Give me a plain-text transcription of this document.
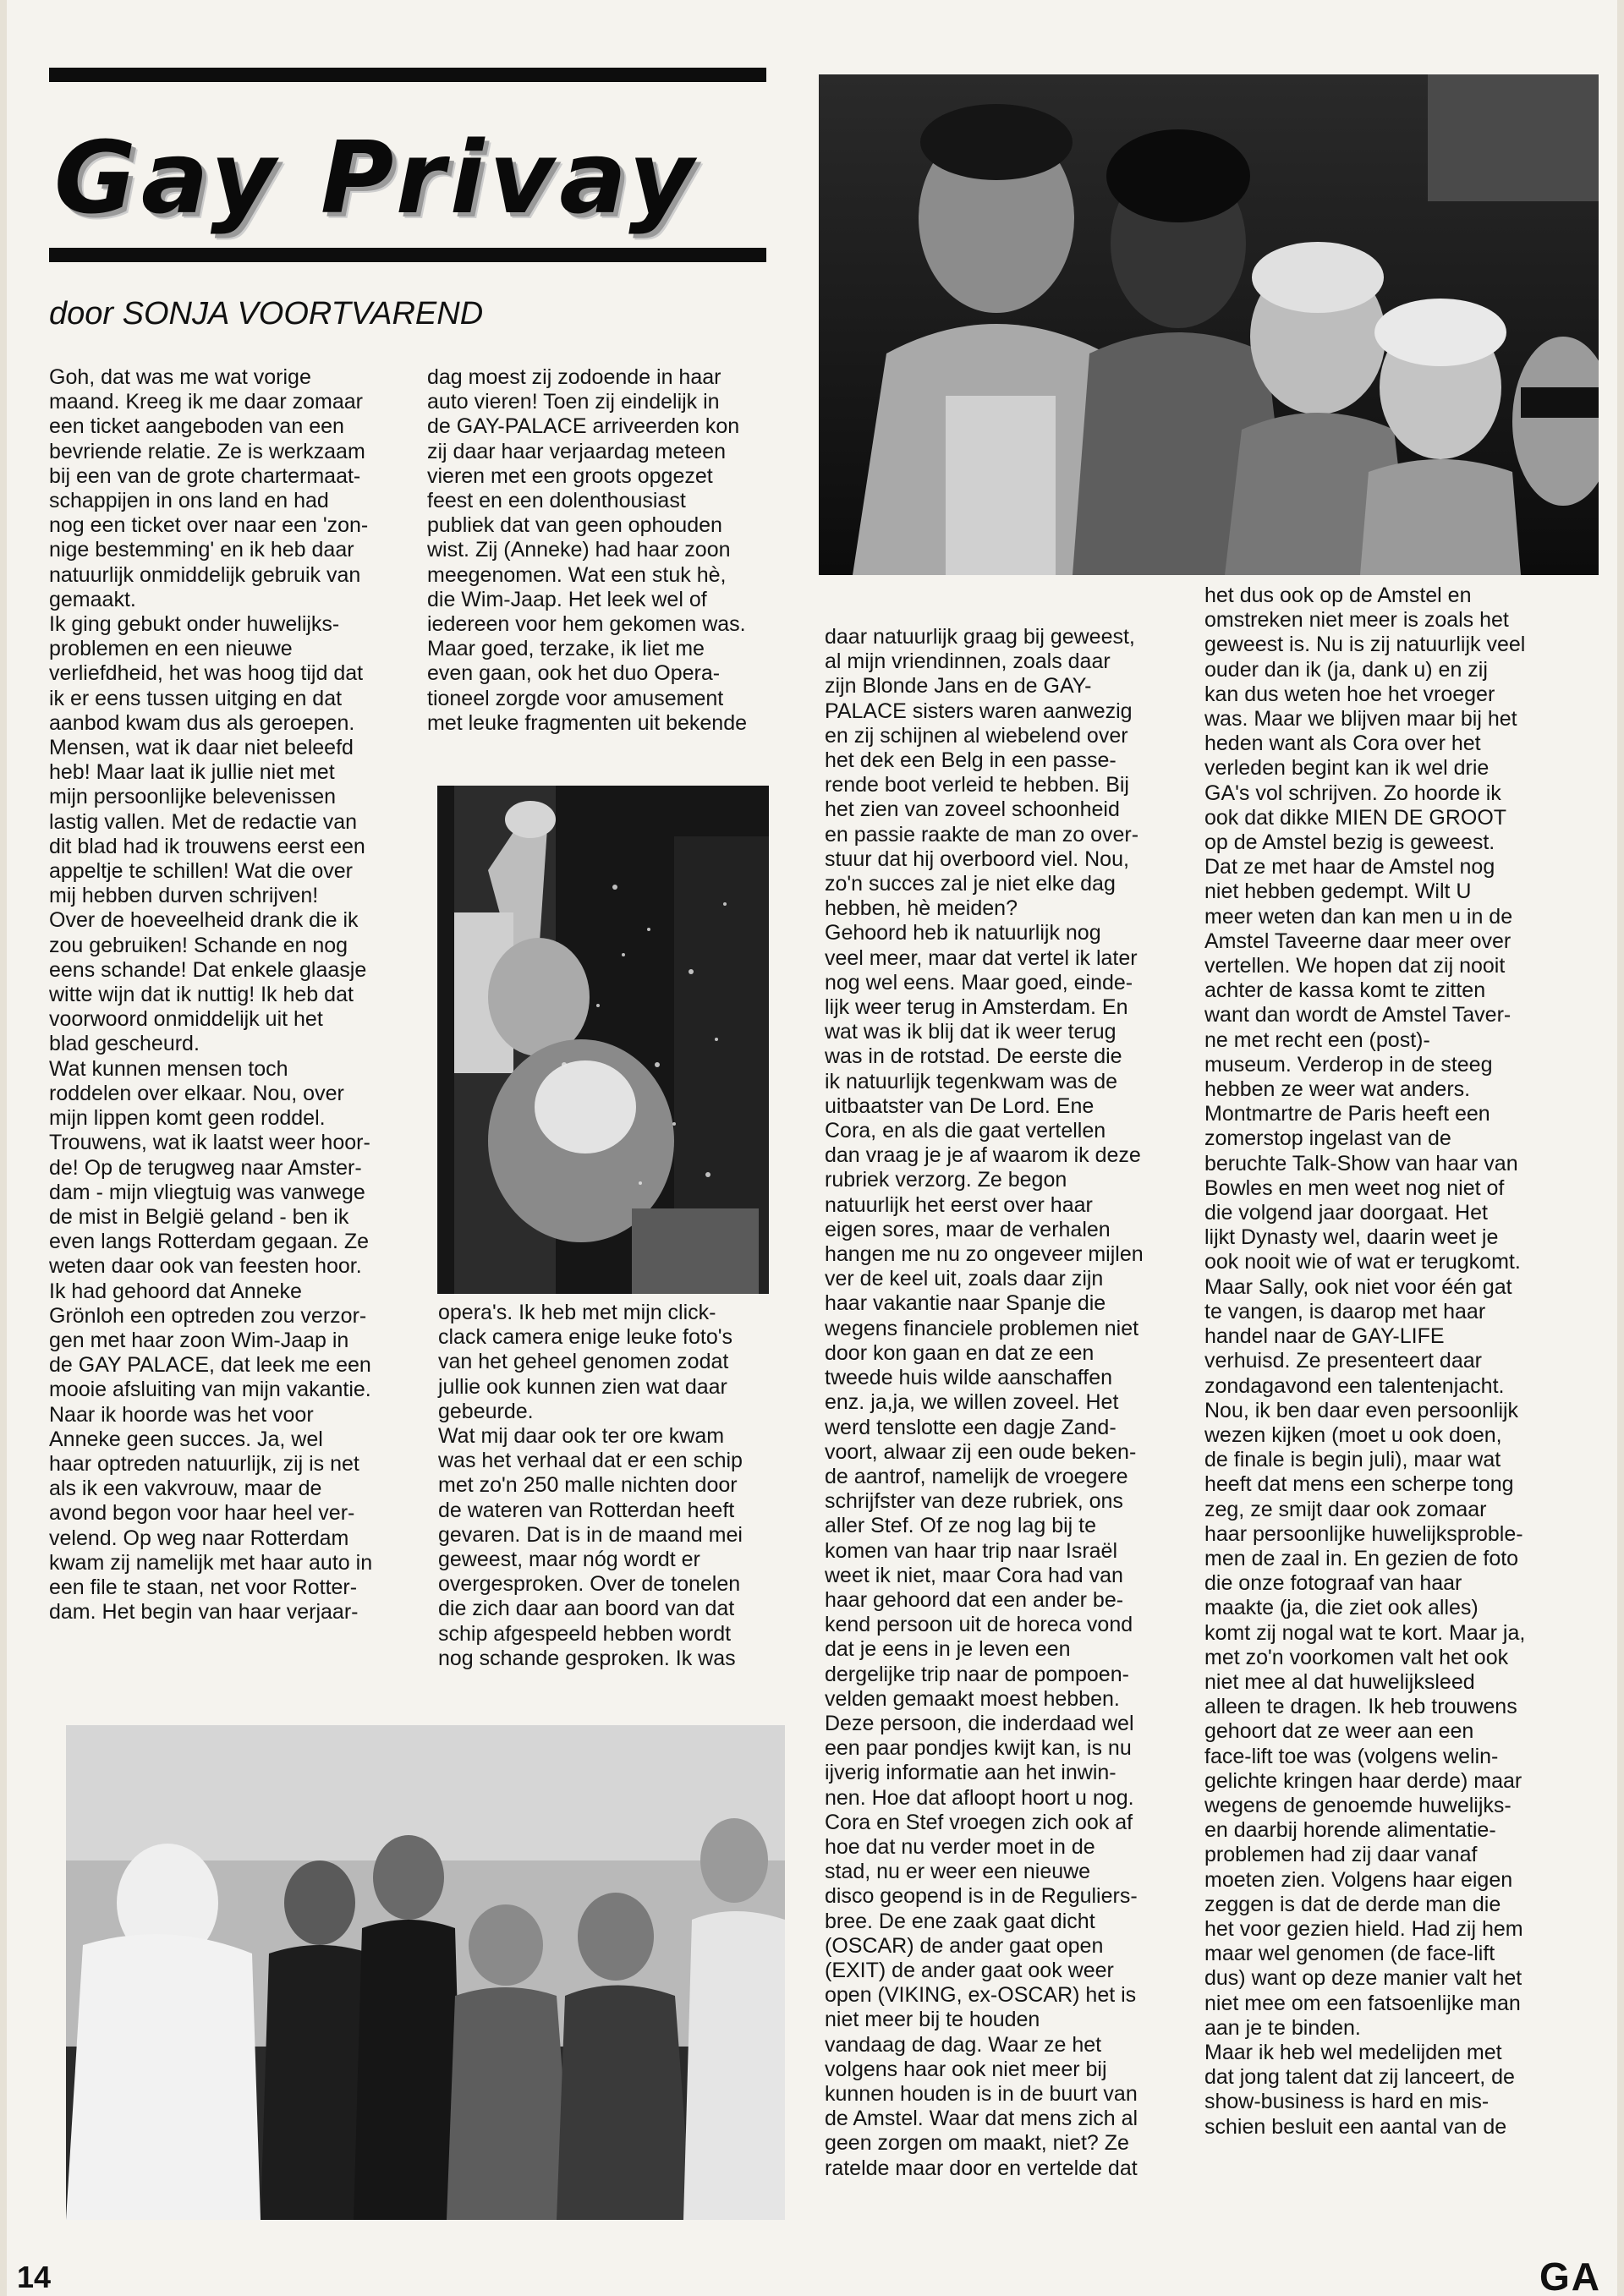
Gay Privay
door SONJA VOORTVAREND

Goh, dat was me wat vorige
maand. Kreeg ik me daar zomaar
een ticket aangeboden van een
bevriende relatie. Ze is werkzaam
bij een van de grote chartermaat-
schappijen in ons land en had
nog een ticket over naar een 'zon-
nige bestemming' en ik heb daar
natuurlijk onmiddelijk gebruik van
gemaakt.
Ik ging gebukt onder huwelijks-
problemen en een nieuwe
verliefdheid, het was hoog tijd dat
ik er eens tussen uitging en dat
aanbod kwam dus als geroepen.
Mensen, wat ik daar niet beleefd
heb! Maar laat ik jullie niet met
mijn persoonlijke belevenissen
lastig vallen. Met de redactie van
dit blad had ik trouwens eerst een
appeltje te schillen! Wat die over
mij hebben durven schrijven!
Over de hoeveelheid drank die ik
zou gebruiken! Schande en nog
eens schande! Dat enkele glaasje
witte wijn dat ik nuttig! Ik heb dat
voorwoord onmiddelijk uit het
blad gescheurd.
Wat kunnen mensen toch
roddelen over elkaar. Nou, over
mijn lippen komt geen roddel.
Trouwens, wat ik laatst weer hoor-
de! Op de terugweg naar Amster-
dam - mijn vliegtuig was vanwege
de mist in België geland - ben ik
even langs Rotterdam gegaan. Ze
weten daar ook van feesten hoor.
Ik had gehoord dat Anneke
Grönloh een optreden zou verzor-
gen met haar zoon Wim-Jaap in
de GAY PALACE, dat leek me een
mooie afsluiting van mijn vakantie.
Naar ik hoorde was het voor
Anneke geen succes. Ja, wel
haar optreden natuurlijk, zij is net
als ik een vakvrouw, maar de
avond begon voor haar heel ver-
velend. Op weg naar Rotterdam
kwam zij namelijk met haar auto in
een file te staan, net voor Rotter-
dam. Het begin van haar verjaar-

dag moest zij zodoende in haar
auto vieren! Toen zij eindelijk in
de GAY-PALACE arriveerden kon
zij daar haar verjaardag meteen
vieren met een groots opgezet
feest en een dolenthousiast
publiek dat van geen ophouden
wist. Zij (Anneke) had haar zoon
meegenomen. Wat een stuk hè,
die Wim-Jaap. Het leek wel of
iedereen voor hem gekomen was.
Maar goed, terzake, ik liet me
even gaan, ook het duo Opera-
tioneel zorgde voor amusement
met leuke fragmenten uit bekende

opera's. Ik heb met mijn click-
clack camera enige leuke foto's
van het geheel genomen zodat
jullie ook kunnen zien wat daar
gebeurde.
Wat mij daar ook ter ore kwam
was het verhaal dat er een schip
met zo'n 250 malle nichten door
de wateren van Rotterdan heeft
gevaren. Dat is in de maand mei
geweest, maar nóg wordt er
overgesproken. Over de tonelen
die zich daar aan boord van dat
schip afgespeeld hebben wordt
nog schande gesproken. Ik was

daar natuurlijk graag bij geweest,
al mijn vriendinnen, zoals daar
zijn Blonde Jans en de GAY-
PALACE sisters waren aanwezig
en zij schijnen al wiebelend over
het dek een Belg in een passe-
rende boot verleid te hebben. Bij
het zien van zoveel schoonheid
en passie raakte de man zo over-
stuur dat hij overboord viel. Nou,
zo'n succes zal je niet elke dag
hebben, hè meiden?
Gehoord heb ik natuurlijk nog
veel meer, maar dat vertel ik later
nog wel eens. Maar goed, einde-
lijk weer terug in Amsterdam. En
wat was ik blij dat ik weer terug
was in de rotstad. De eerste die
ik natuurlijk tegenkwam was de
uitbaatster van De Lord. Ene
Cora, en als die gaat vertellen
dan vraag je je af waarom ik deze
rubriek verzorg. Ze begon
natuurlijk het eerst over haar
eigen sores, maar de verhalen
hangen me nu zo ongeveer mijlen
ver de keel uit, zoals daar zijn
haar vakantie naar Spanje die
wegens financiele problemen niet
door kon gaan en dat ze een
tweede huis wilde aanschaffen
enz. ja,ja, we willen zoveel. Het
werd tenslotte een dagje Zand-
voort, alwaar zij een oude beken-
de aantrof, namelijk de vroegere
schrijfster van deze rubriek, ons
aller Stef. Of ze nog lag bij te
komen van haar trip naar Israël
weet ik niet, maar Cora had van
haar gehoord dat een ander be-
kend persoon uit de horeca vond
dat je eens in je leven een
dergelijke trip naar de pompoen-
velden gemaakt moest hebben.
Deze persoon, die inderdaad wel
een paar pondjes kwijt kan, is nu
ijverig informatie aan het inwin-
nen. Hoe dat afloopt hoort u nog.
Cora en Stef vroegen zich ook af
hoe dat nu verder moet in de
stad, nu er weer een nieuwe
disco geopend is in de Reguliers-
bree. De ene zaak gaat dicht
(OSCAR) de ander gaat open
(EXIT) de ander gaat ook weer
open (VIKING, ex-OSCAR) het is
niet meer bij te houden
vandaag de dag. Waar ze het
volgens haar ook niet meer bij
kunnen houden is in de buurt van
de Amstel. Waar dat mens zich al
geen zorgen om maakt, niet? Ze
ratelde maar door en vertelde dat

het dus ook op de Amstel en
omstreken niet meer is zoals het
geweest is. Nu is zij natuurlijk veel
ouder dan ik (ja, dank u) en zij
kan dus weten hoe het vroeger
was. Maar we blijven maar bij het
heden want als Cora over het
verleden begint kan ik wel drie
GA's vol schrijven. Zo hoorde ik
ook dat dikke MIEN DE GROOT
op de Amstel bezig is geweest.
Dat ze met haar de Amstel nog
niet hebben gedempt. Wilt U
meer weten dan kan men u in de
Amstel Taveerne daar meer over
vertellen. We hopen dat zij nooit
achter de kassa komt te zitten
want dan wordt de Amstel Taver-
ne met recht een (post)-
museum. Verderop in de steeg
hebben ze weer wat anders.
Montmartre de Paris heeft een
zomerstop ingelast van de
beruchte Talk-Show van haar van
Bowles en men weet nog niet of
die volgend jaar doorgaat. Het
lijkt Dynasty wel, daarin weet je
ook nooit wie of wat er terugkomt.
Maar Sally, ook niet voor één gat
te vangen, is daarop met haar
handel naar de GAY-LIFE
verhuisd. Ze presenteert daar
zondagavond een talentenjacht.
Nou, ik ben daar even persoonlijk
wezen kijken (moet u ook doen,
de finale is begin juli), maar wat
heeft dat mens een scherpe tong
zeg, ze smijt daar ook zomaar
haar persoonlijke huwelijksproble-
men de zaal in. En gezien de foto
die onze fotograaf van haar
maakte (ja, die ziet ook alles)
komt zij nogal wat te kort. Maar ja,
met zo'n voorkomen valt het ook
niet mee al dat huwelijksleed
alleen te dragen. Ik heb trouwens
gehoort dat ze weer aan een
face-lift toe was (volgens welin-
gelichte kringen haar derde) maar
wegens de genoemde huwelijks-
en daarbij horende alimentatie-
problemen had zij daar vanaf
moeten zien. Volgens haar eigen
zeggen is dat de derde man die
het voor gezien hield. Had zij hem
maar wel genomen (de face-lift
dus) want op deze manier valt het
niet mee om een fatsoenlijke man
aan je te binden.
Maar ik heb wel medelijden met
dat jong talent dat zij lanceert, de
show-business is hard en mis-
schien besluit een aantal van de

14	GA
